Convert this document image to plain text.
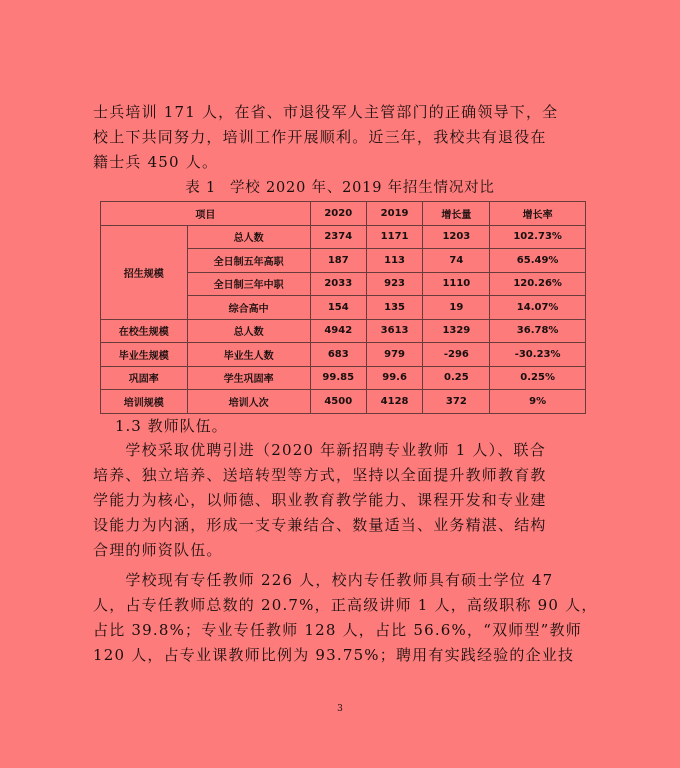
士兵培训 171 人，在省、市退役军人主管部门的正确领导下，全
校上下共同努力，培训工作开展顺利。近三年，我校共有退役在
籍士兵 450 人。
表 1 学校 2020 年、2019 年招生情况对比
项目		2020	2019	增长量	增长率
招生规模	总人数	2374	1171	1203	102.73%
	全日制五年高职	187	113	74	65.49%
	全日制三年中职	2033	923	1110	120.26%
	综合高中	154	135	19	14.07%
在校生规模	总人数	4942	3613	1329	36.78%
毕业生规模	毕业生人数	683	979	-296	-30.23%
巩固率	学生巩固率	99.85	99.6	0.25	0.25%
培训规模	培训人次	4500	4128	372	9%
1.3 教师队伍。
　　学校采取优聘引进（2020 年新招聘专业教师 1 人）、联合
培养、独立培养、送培转型等方式，坚持以全面提升教师教育教
学能力为核心，以师德、职业教育教学能力、课程开发和专业建
设能力为内涵，形成一支专兼结合、数量适当、业务精湛、结构
合理的师资队伍。
　　学校现有专任教师 226 人，校内专任教师具有硕士学位 47
人，占专任教师总数的 20.7%，正高级讲师 1 人，高级职称 90 人，
占比 39.8%；专业专任教师 128 人，占比 56.6%，“双师型”教师
120 人，占专业课教师比例为 93.75%；聘用有实践经验的企业技
3
